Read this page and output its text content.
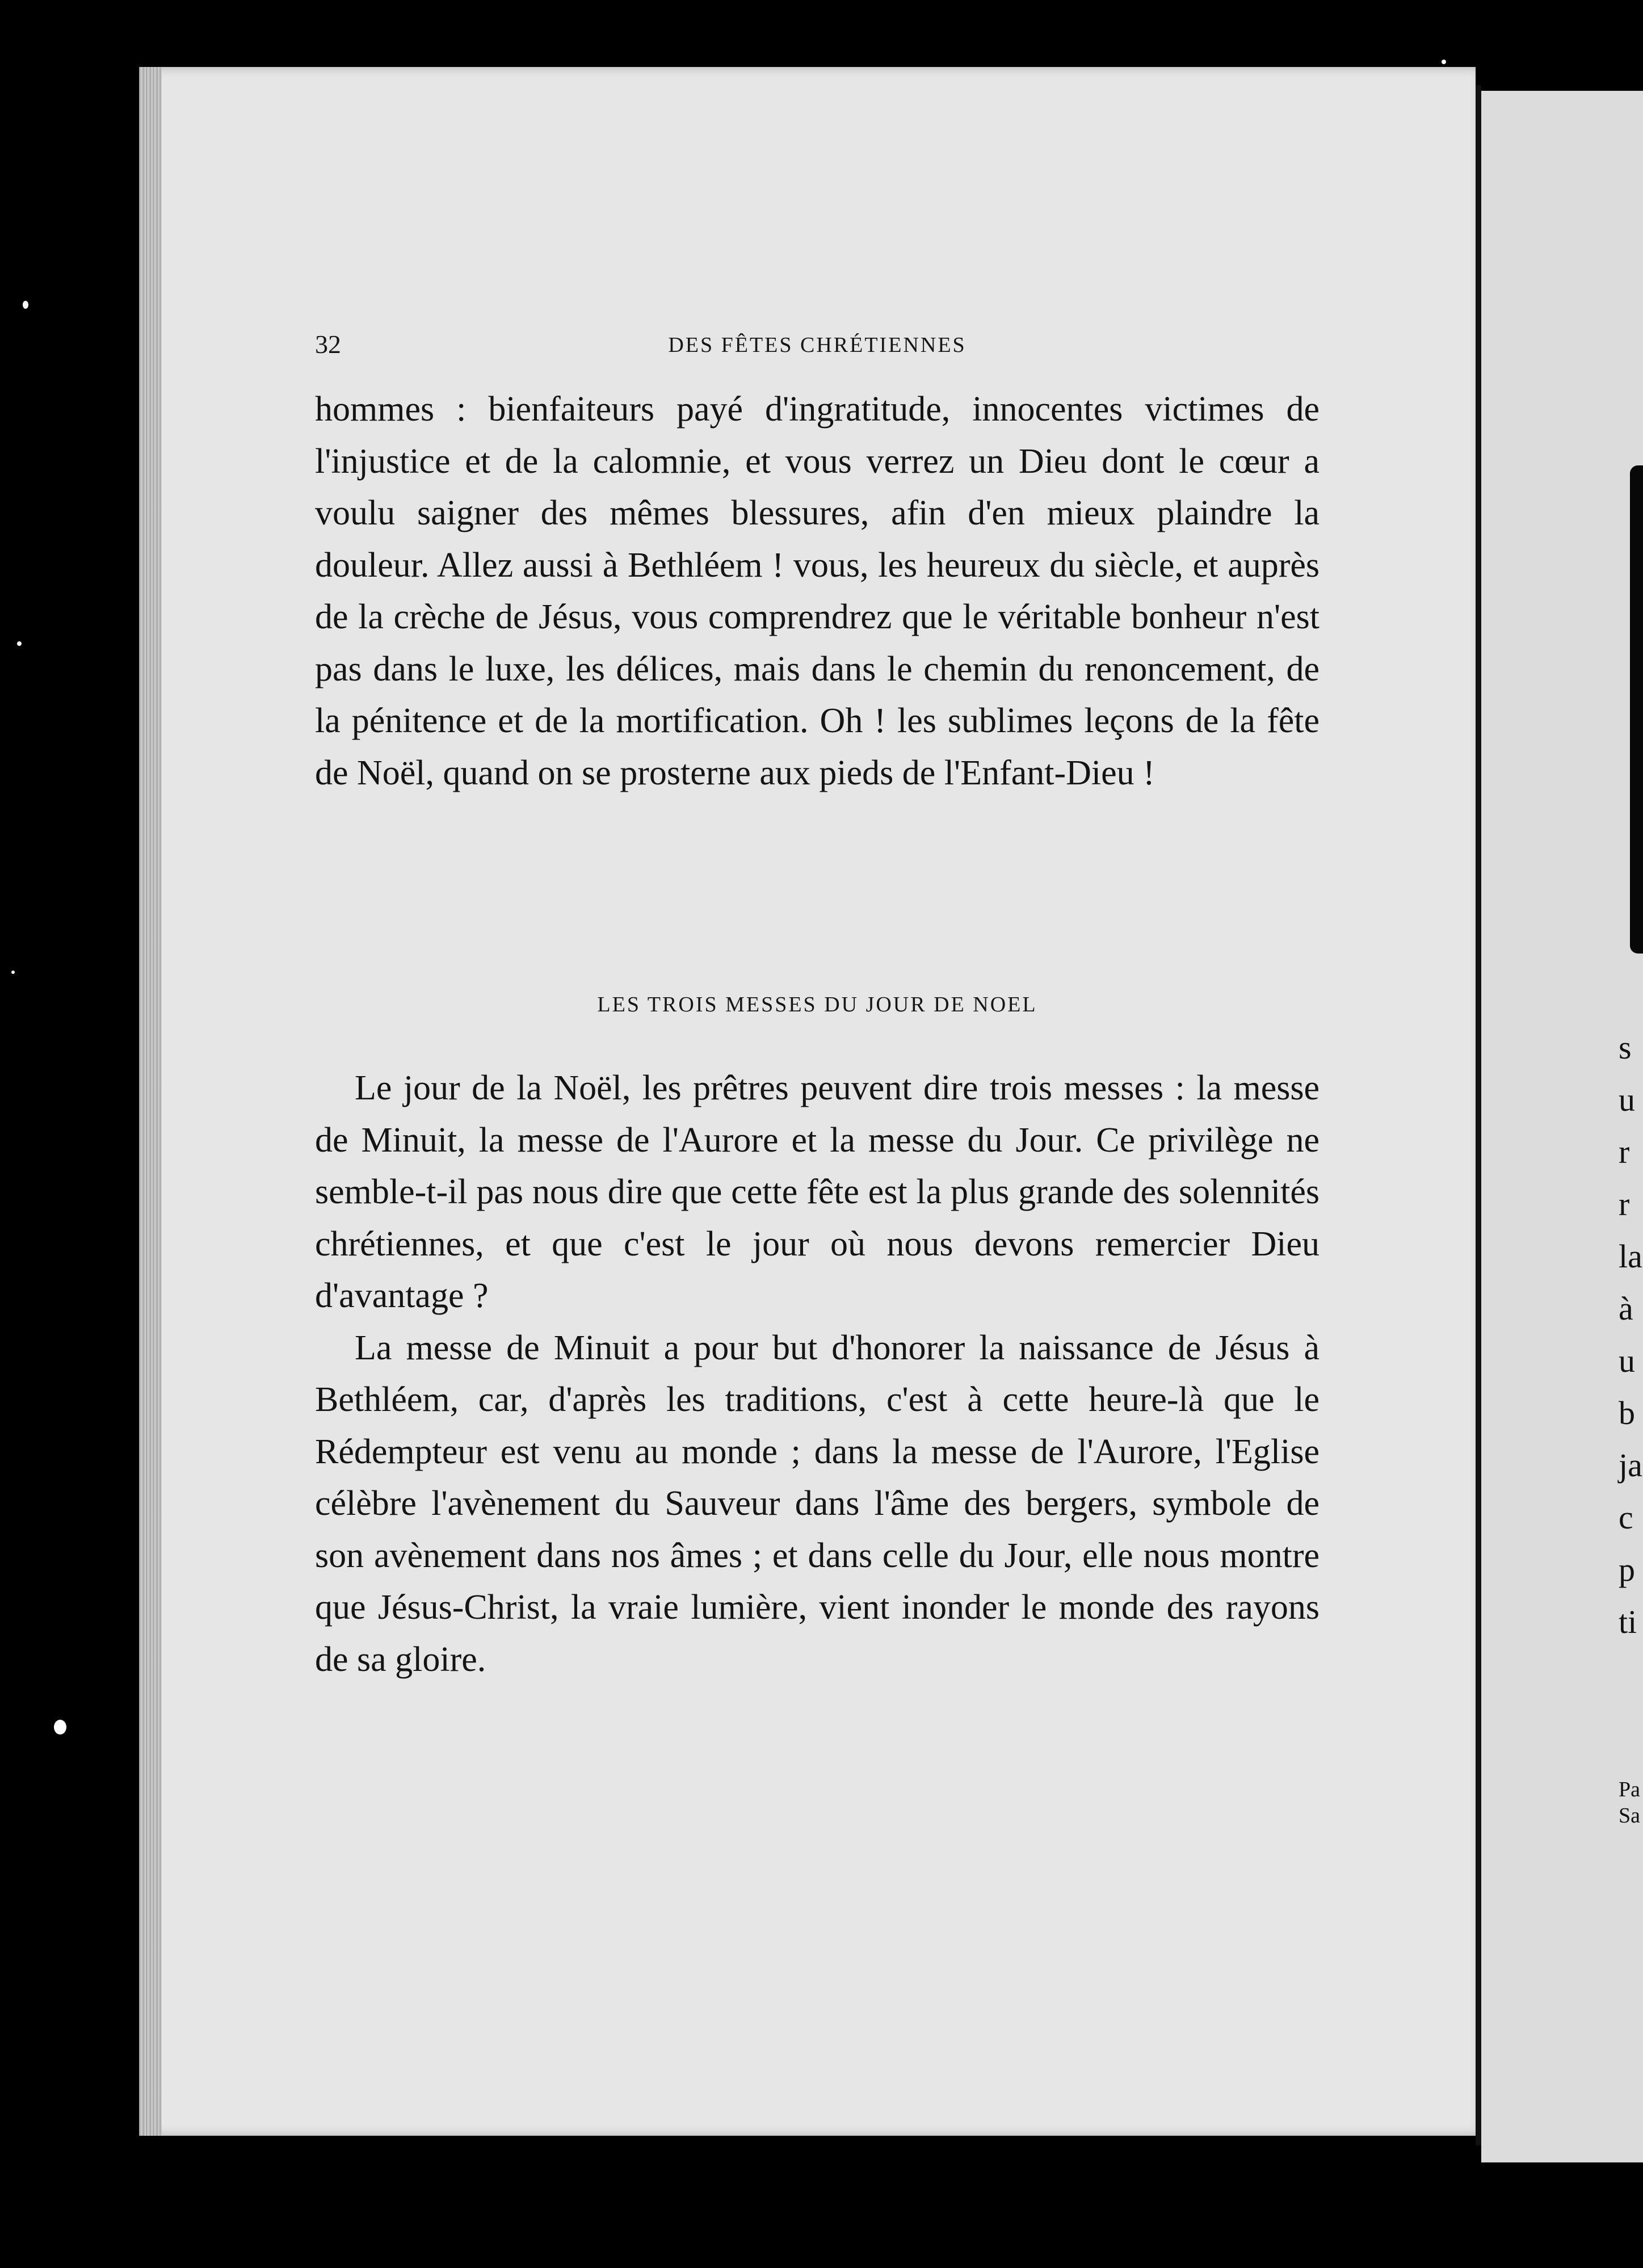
s
u
r
r
la
à
u
b
ja
c
p
ti
Pa
Sa
32	DES FÊTES CHRÉTIENNES

hommes : bienfaiteurs payé d'ingratitude, innocentes victimes de l'injustice et de la calomnie, et vous verrez un Dieu dont le cœur a voulu saigner des mêmes blessures, afin d'en mieux plaindre la douleur. Allez aussi à Bethléem ! vous, les heureux du siècle, et auprès de la crèche de Jésus, vous comprendrez que le véritable bonheur n'est pas dans le luxe, les délices, mais dans le chemin du renoncement, de la pénitence et de la mortification. Oh ! les sublimes leçons de la fête de Noël, quand on se prosterne aux pieds de l'Enfant-Dieu !

LES TROIS MESSES DU JOUR DE NOEL

Le jour de la Noël, les prêtres peuvent dire trois messes : la messe de Minuit, la messe de l'Aurore et la messe du Jour. Ce privilège ne semble-t-il pas nous dire que cette fête est la plus grande des solennités chrétiennes, et que c'est le jour où nous devons remercier Dieu d'avantage ?

La messe de Minuit a pour but d'honorer la naissance de Jésus à Bethléem, car, d'après les traditions, c'est à cette heure-là que le Rédempteur est venu au monde ; dans la messe de l'Aurore, l'Eglise célèbre l'avènement du Sauveur dans l'âme des bergers, symbole de son avènement dans nos âmes ; et dans celle du Jour, elle nous montre que Jésus-Christ, la vraie lumière, vient inonder le monde des rayons de sa gloire.
